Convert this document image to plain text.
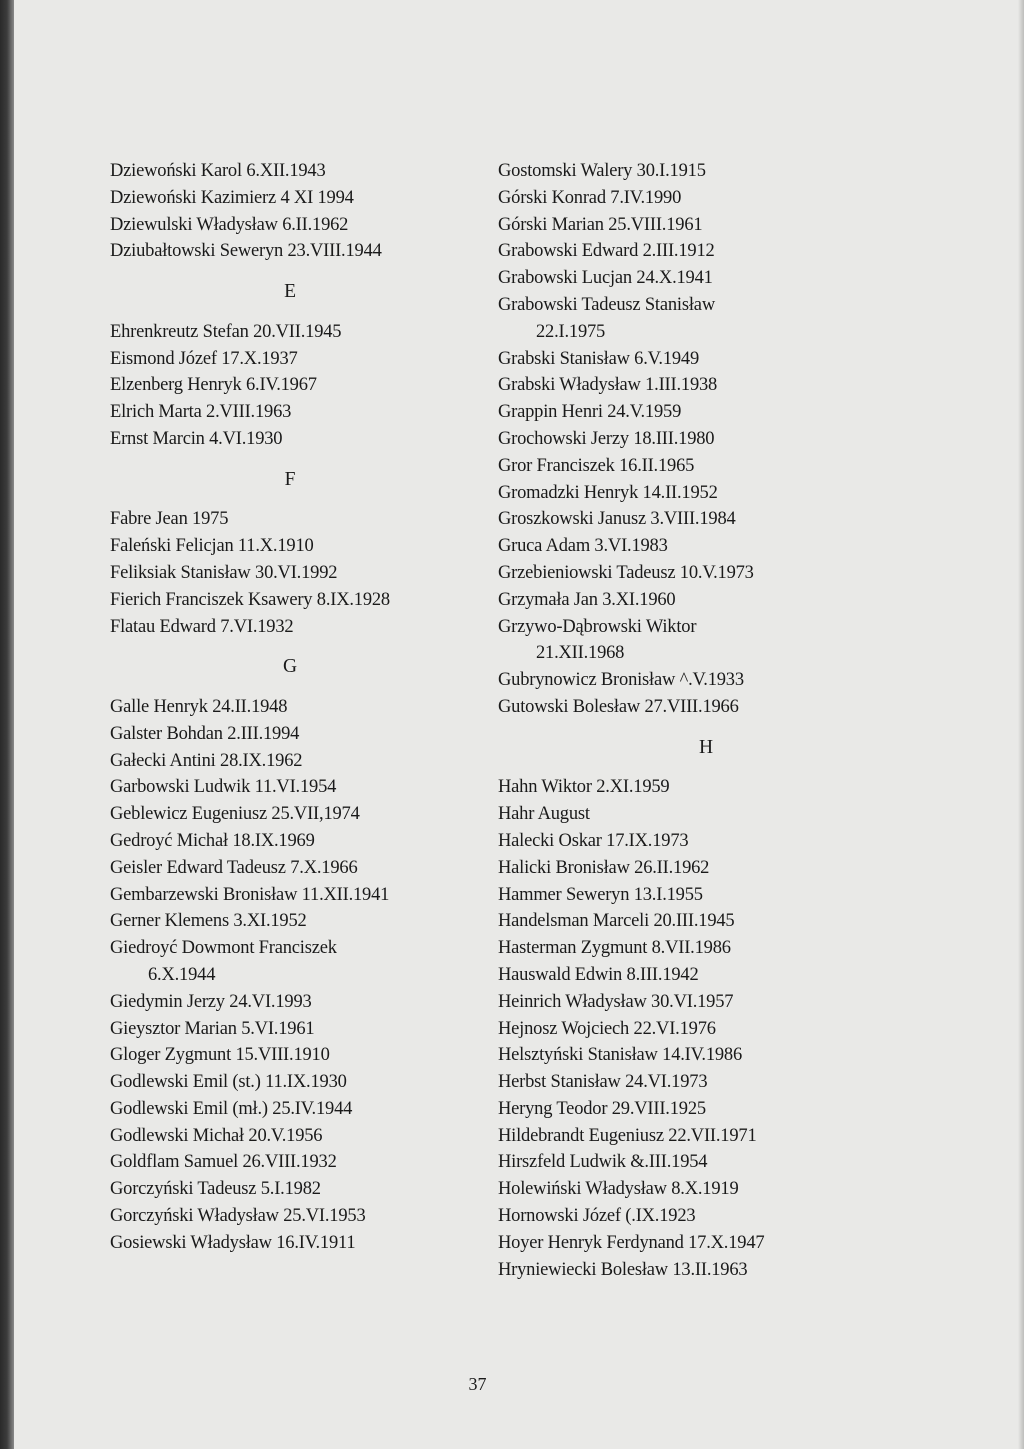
Dziewoński Karol 6.XII.1943
Dziewoński Kazimierz 4 XI 1994
Dziewulski Władysław 6.II.1962
Dziubałtowski Seweryn 23.VIII.1944
E
Ehrenkreutz Stefan 20.VII.1945
Eismond Józef 17.X.1937
Elzenberg Henryk 6.IV.1967
Elrich Marta 2.VIII.1963
Ernst Marcin 4.VI.1930
F
Fabre Jean 1975
Faleński Felicjan 11.X.1910
Feliksiak Stanisław 30.VI.1992
Fierich Franciszek Ksawery 8.IX.1928
Flatau Edward 7.VI.1932
G
Galle Henryk 24.II.1948
Galster Bohdan 2.III.1994
Gałecki Antini 28.IX.1962
Garbowski Ludwik 11.VI.1954
Geblewicz Eugeniusz 25.VII,1974
Gedroyć Michał 18.IX.1969
Geisler Edward Tadeusz 7.X.1966
Gembarzewski Bronisław 11.XII.1941
Gerner Klemens 3.XI.1952
Giedroyć Dowmont Franciszek
6.X.1944
Giedymin Jerzy 24.VI.1993
Gieysztor Marian 5.VI.1961
Gloger Zygmunt 15.VIII.1910
Godlewski Emil (st.) 11.IX.1930
Godlewski Emil (mł.) 25.IV.1944
Godlewski Michał 20.V.1956
Goldflam Samuel 26.VIII.1932
Gorczyński Tadeusz 5.I.1982
Gorczyński Władysław 25.VI.1953
Gosiewski Władysław 16.IV.1911
Gostomski Walery 30.I.1915
Górski Konrad 7.IV.1990
Górski Marian 25.VIII.1961
Grabowski Edward 2.III.1912
Grabowski Lucjan 24.X.1941
Grabowski Tadeusz Stanisław
22.I.1975
Grabski Stanisław 6.V.1949
Grabski Władysław 1.III.1938
Grappin Henri 24.V.1959
Grochowski Jerzy 18.III.1980
Gror Franciszek 16.II.1965
Gromadzki Henryk 14.II.1952
Groszkowski Janusz 3.VIII.1984
Gruca Adam 3.VI.1983
Grzebieniowski Tadeusz 10.V.1973
Grzymała Jan 3.XI.1960
Grzywo-Dąbrowski Wiktor
21.XII.1968
Gubrynowicz Bronisław ^.V.1933
Gutowski Bolesław 27.VIII.1966
H
Hahn Wiktor 2.XI.1959
Hahr August
Halecki Oskar 17.IX.1973
Halicki Bronisław 26.II.1962
Hammer Seweryn 13.I.1955
Handelsman Marceli 20.III.1945
Hasterman Zygmunt 8.VII.1986
Hauswald Edwin 8.III.1942
Heinrich Władysław 30.VI.1957
Hejnosz Wojciech 22.VI.1976
Helsztyński Stanisław 14.IV.1986
Herbst Stanisław 24.VI.1973
Heryng Teodor 29.VIII.1925
Hildebrandt Eugeniusz 22.VII.1971
Hirszfeld Ludwik &.III.1954
Holewiński Władysław 8.X.1919
Hornowski Józef (.IX.1923
Hoyer Henryk Ferdynand 17.X.1947
Hryniewiecki Bolesław 13.II.1963
37
